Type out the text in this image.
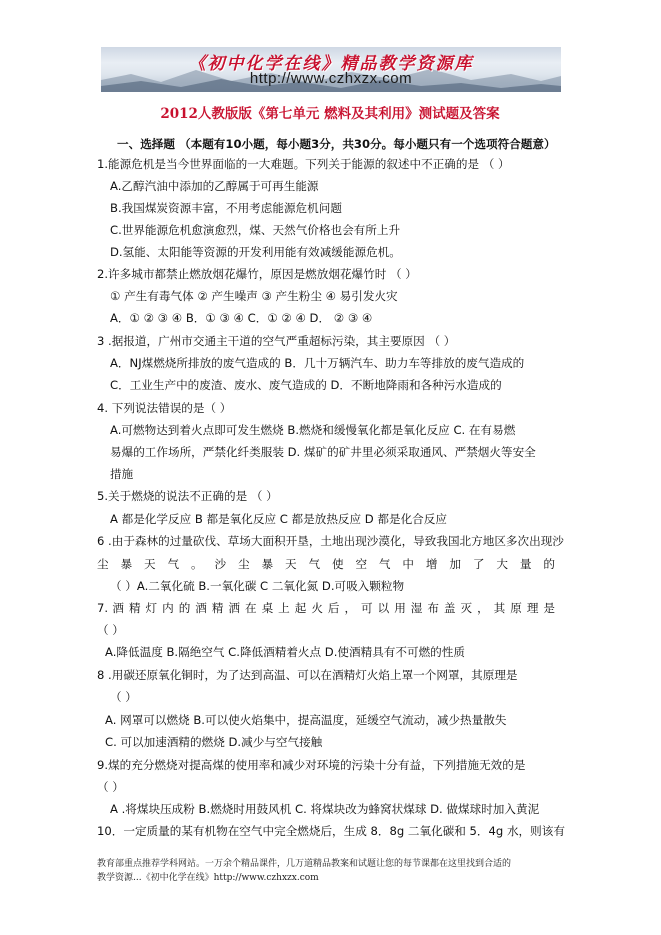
《初中化学在线》精品教学资源库
http://www.czhxzx.com
2012人教版版《第七单元 燃料及其利用》测试题及答案
一、选择题 （本题有10小题，每小题3分，共30分。每小题只有一个选项符合题意）
1.能源危机是当今世界面临的一大难题。下列关于能源的叙述中不正确的是 （ ）
A.乙醇汽油中添加的乙醇属于可再生能源
B.我国煤炭资源丰富，不用考虑能源危机问题
C.世界能源危机愈演愈烈，煤、天然气价格也会有所上升
D.氢能、太阳能等资源的开发利用能有效减缓能源危机。
2.许多城市都禁止燃放烟花爆竹，原因是燃放烟花爆竹时 （ ）
① 产生有毒气体 ② 产生噪声 ③ 产生粉尘 ④ 易引发火灾
A．① ② ③ ④ B．① ③ ④ C．① ② ④ D． ② ③ ④
3 .据报道，广州市交通主干道的空气严重超标污染，其主要原因 （ ）
A．NJ煤燃烧所排放的废气造成的 B．几十万辆汽车、助力车等排放的废气造成的
C．工业生产中的废渣、废水、废气造成的 D．不断地降雨和各种污水造成的
4. 下列说法错误的是（ ）
A.可燃物达到着火点即可发生燃烧 B.燃烧和缓慢氧化都是氧化反应 C. 在有易燃
易爆的工作场所，严禁化纤类服装 D. 煤矿的矿井里必须采取通风、严禁烟火等安全
措施
5.关于燃烧的说法不正确的是 （ ）
A 都是化学反应 B 都是氧化反应 C 都是放热反应 D 都是化合反应
6 .由于森林的过量砍伐、草场大面积开垦，土地出现沙漠化，导致我国北方地区多次出现沙
尘 暴 天 气 。 沙 尘 暴 天 气 使 空 气 中 增 加 了 大 量 的
（ ）A.二氧化硫 B.一氧化碳 C 二氧化氮 D.可吸入颗粒物
7. 酒 精 灯 内 的 酒 精 洒 在 桌 上 起 火 后 ， 可 以 用 湿 布 盖 灭 ， 其 原 理 是
（ ）
A.降低温度 B.隔绝空气 C.降低酒精着火点 D.使酒精具有不可燃的性质
8 .用碳还原氧化铜时，为了达到高温、可以在酒精灯火焰上罩一个网罩，其原理是
（ ）
A. 网罩可以燃烧 B.可以使火焰集中，提高温度，延缓空气流动，减少热量散失
C. 可以加速酒精的燃烧 D.减少与空气接触
9.煤的充分燃烧对提高煤的使用率和减少对环境的污染十分有益，下列措施无效的是
（ ）
A .将煤块压成粉 B.燃烧时用鼓风机 C. 将煤块改为蜂窝状煤球 D. 做煤球时加入黄泥
10．一定质量的某有机物在空气中完全燃烧后，生成 8．8g 二氧化碳和 5．4g 水，则该有
教育部重点推荐学科网站。一万余个精品课件，几万道精品教案和试题让您的每节课都在这里找到合适的
教学资源...《初中化学在线》http://www.czhxzx.com
